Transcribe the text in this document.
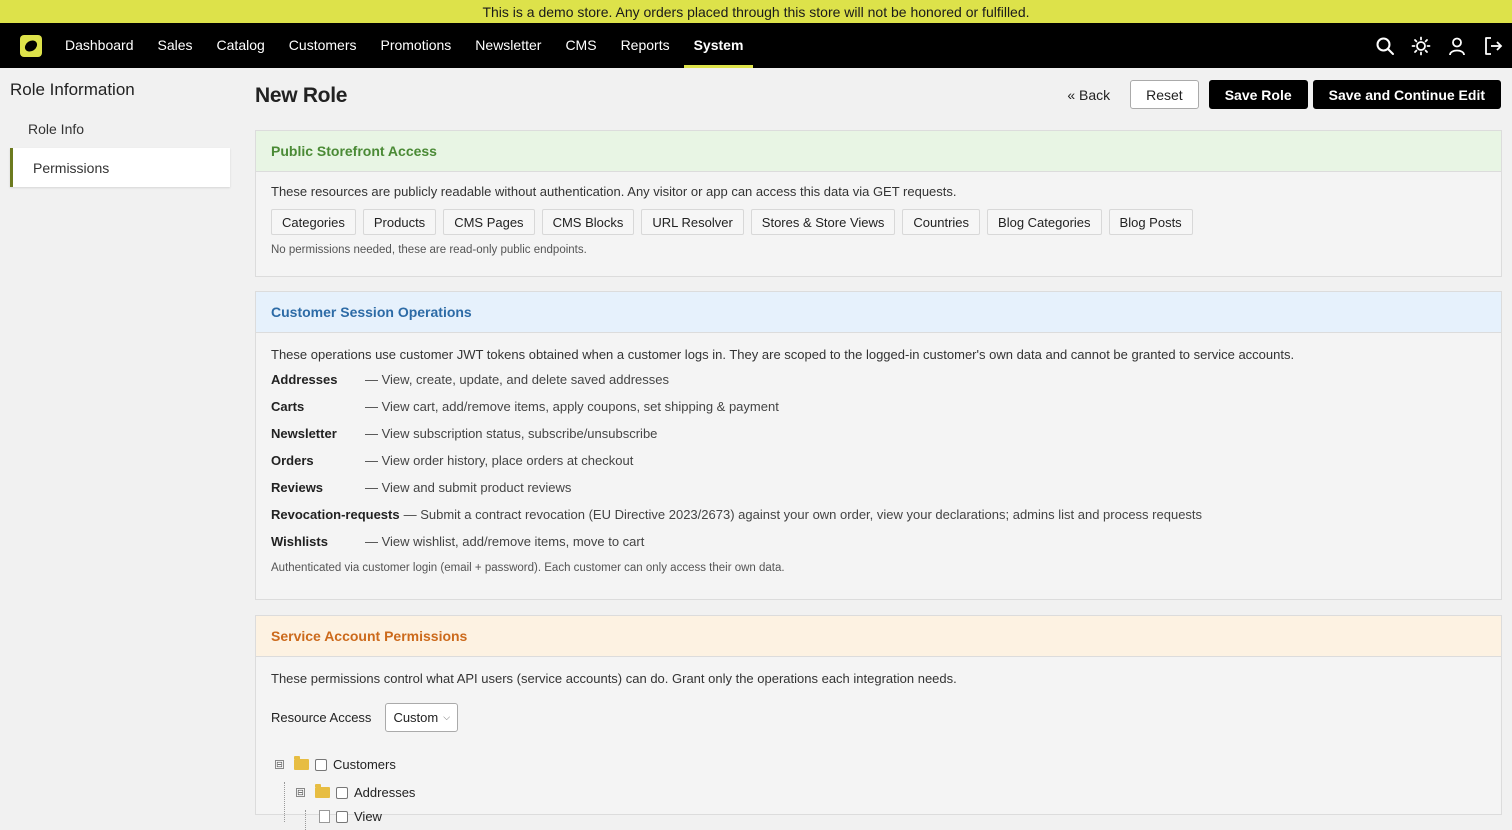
This is a demo store. Any orders placed through this store will not be honored or fulfilled.
Dashboard Sales Catalog Customers Promotions Newsletter CMS Reports System
Role Information
Role Info
Permissions
New Role	« Back	Reset	Save Role	Save and Continue Edit
Public Storefront Access
These resources are publicly readable without authentication. Any visitor or app can access this data via GET requests.
Categories	Products	CMS Pages	CMS Blocks	URL Resolver	Stores & Store Views	Countries	Blog Categories	Blog Posts
No permissions needed, these are read-only public endpoints.
Customer Session Operations
These operations use customer JWT tokens obtained when a customer logs in. They are scoped to the logged-in customer's own data and cannot be granted to service accounts.
Addresses	— View, create, update, and delete saved addresses
Carts	— View cart, add/remove items, apply coupons, set shipping & payment
Newsletter	— View subscription status, subscribe/unsubscribe
Orders	— View order history, place orders at checkout
Reviews	— View and submit product reviews
Revocation-requests — Submit a contract revocation (EU Directive 2023/2673) against your own order, view your declarations; admins list and process requests
Wishlists	— View wishlist, add/remove items, move to cart
Authenticated via customer login (email + password). Each customer can only access their own data.
Service Account Permissions
These permissions control what API users (service accounts) can do. Grant only the operations each integration needs.
Resource Access Custom ⌵
⊟	Customers
⊟	Addresses
View
